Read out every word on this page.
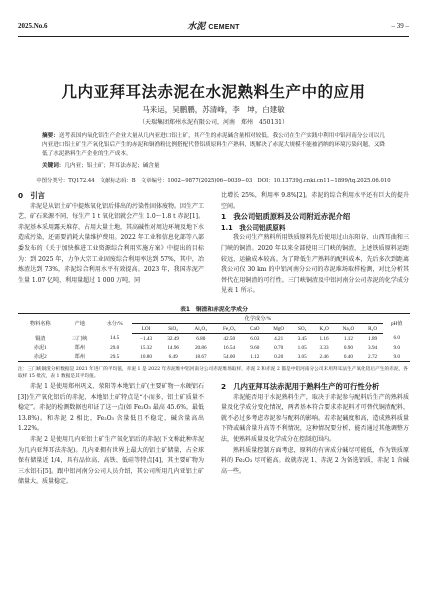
2025.No.6	水泥 CEMENT	– 39 –
几内亚拜耳法赤泥在水泥熟料生产中的应用
马来运，吴鹏鹏，苏清峰，李　坤，白建敏
（天瑞集团郑州水泥有限公司，河南　郑州　450131）
摘要：送考表国内氧化铝生产企业大量从几内亚进口铝土矿，其产生的赤泥碱含量相对较低。我公司在生产实践中利用中铝河南分公司以几内亚进口铝土矿生产氧化铝后产生的赤泥和铜渔粉比例搭配代替铝质原料生产熟料，既解决了赤泥大规模不能被消纳的环境污染问题，又降低了水泥熟料生产企业的生产成本。
关键词：几内亚；铝土矿；拜耳法赤泥；碱含量
中图分类号：TQ172.44　文献标志码：B　文章编号：1002−9877(2025)06−0039−03　DOI：10.13739/j.cnki.cn11−1899/tq.2025.06.010
0　引言

赤泥是从铝土矿中提炼氧化铝后排出的污染性固体废物。因生产工艺、矿石来源不同，每生产 1 t 氧化铝就会产生 1.0～1.8 t 赤泥[1]。赤泥基本采用露天堆存，占用大量土地，其高碱性对周边环境及地下水造成污染，还需要消耗大量维护费用。2022 年工业和信息化部等八部委发布的《关于加快推进工业资源综合利用实施方案》中提出的目标为：到 2025 年，力争大宗工业固废综合利用率达到 57%，其中，冶炼渣达到 73%，赤泥综合利用水平有效提高。2023 年，我国赤泥产生量 1.07 亿吨，利用量超过 1 000 万吨，同

比增长 25%，利用率 9.8%[2]。赤泥的综合利用水平还有巨大的提升空间。

1　我公司铝质原料及公司附近赤泥介绍
1.1　我公司铝质原料

我公司生产熟料所用铁质原料先后使用过山东阳谷、山西耳曲和三门峡的铜渣。2020 年以来全部使用三门峡的铜渣，上述铁质原料运距较远，运输成本较高。为了降低生产熟料的配料成本，先后多次到距离我公司仅 30 km 的中铝河南分公司的赤泥堆场取样检测，对比分析其替代在用铜渣的可行性。三门峡铜渣及中铝河南分公司赤泥的化学成分见表 1 所示。

表1　铜渣和赤泥化学成分
物料名称	产地	水分/%	化学成分/%										pH值
			LOI	SiO₂	Al₂O₃	Fe₂O₃	CaO	MgO	SO₃	K₂O	Na₂O	R₂O	
铜渣	三门峡	14.5	−1.43	32.49	6.80	42.50	6.03	4.21	3.45	1.16	1.12	1.89	6.0
赤泥1	郑州	29.0	15.32	14.96	20.86	16.54	9.60	0.70	1.05	3.33	0.90	3.94	9.0
赤泥2	郑州	29.5	10.80	6.49	18.67	54.00	1.12	0.20	3.05	2.46	0.40	2.72	9.0
注：三门峡铜渣分析数据是 2021 年进厂的平均值，赤泥 1 是 2022 年赤泥堆中铝河南分公司赤泥堆场取样，赤泥 2 和赤泥 2 都是中铝河南分公司未用拜耳法生产氧化铝后产生的赤泥，各取样 15 批次，表 1 数据是其平均值。

赤泥 1 是使用郑州巩义、荥阳等本地铝土矿(主要矿物一水硬铝石[3])生产氧化铝后的赤泥，本地铝土矿特点是“小而多，铝土矿质量不稳定”。赤泥的检测数据也印证了这一点(如 Fe₂O₃ 最高 45.6%，最低 13.8%)。和赤泥 2 相比，Fe₂O₃ 含量低且不稳定，碱含量高出 1.22%。

赤泥 2 是使用几内亚铝土矿生产氧化铝后的赤泥(下文称此种赤泥为几内亚拜耳法赤泥)。几内亚拥有世界上最大的铝土矿储量，占全球保有储量近 1/4，具有品位高、高铁、低硅等特点[4]，其主要矿物为三水铝石[5]。跟中铝河南分公司人员介绍，其公司所用几内亚铝土矿储量大，质量稳定。

2　几内亚拜耳法赤泥用于熟料生产的可行性分析

赤泥能否用于水泥熟料生产，取决于赤泥参与配料后生产的熟料质量及化学成分变化情况，两者基本符合要求赤泥料才可替代铜渣配料，就不必过多考虑赤泥参与配料的影响。若赤泥碱度和高，造成熟料质量下降或碱含量升高等不利情况，这种情况要分析，能否通过其他调整方法，使熟料质量及化学成分在控制范围内。

熟料质量控制方面考虑，原料的有害成分碱尽可能低，作为铁质原料的 Fe₂O₃ 尽可能高。故就赤泥 1、赤泥 2 为备选铝质，赤泥 1 含碱高一些。
